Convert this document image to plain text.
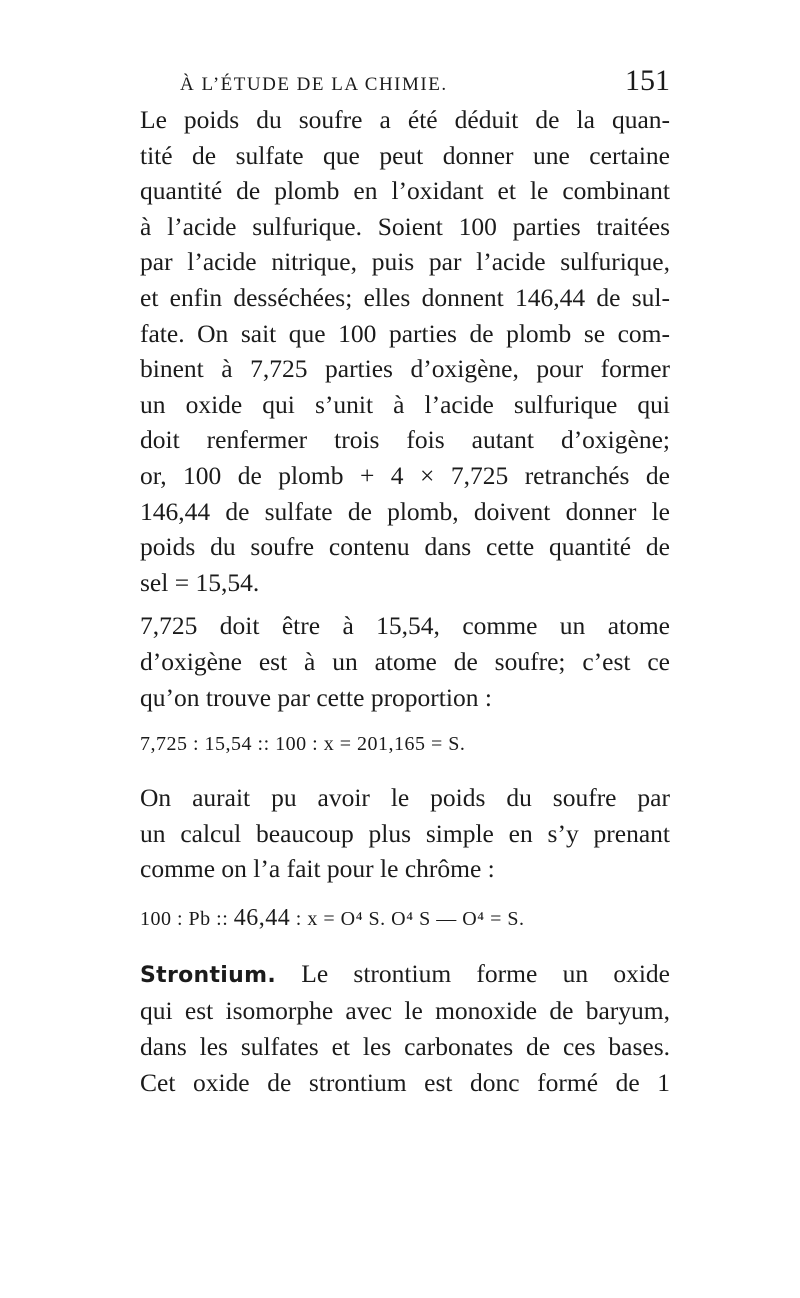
À L’ÉTUDE DE LA CHIMIE.	151

Le poids du soufre a été déduit de la quan-
tité de sulfate que peut donner une certaine
quantité de plomb en l’oxidant et le combinant
à l’acide sulfurique. Soient 100 parties traitées
par l’acide nitrique, puis par l’acide sulfurique,
et enfin desséchées; elles donnent 146,44 de sul-
fate. On sait que 100 parties de plomb se com-
binent à 7,725 parties d’oxigène, pour former
un oxide qui s’unit à l’acide sulfurique qui
doit renfermer trois fois autant d’oxigène;
or, 100 de plomb + 4 × 7,725 retranchés de
146,44 de sulfate de plomb, doivent donner le
poids du soufre contenu dans cette quantité de
sel = 15,54.

7,725 doit être à 15,54, comme un atome
d’oxigène est à un atome de soufre; c’est ce
qu’on trouve par cette proportion :

7,725 : 15,54 :: 100 : x = 201,165 = S.

On aurait pu avoir le poids du soufre par
un calcul beaucoup plus simple en s’y prenant
comme on l’a fait pour le chrôme :

100 : Pb :: 46,44 : x = O⁴ S. O⁴ S — O⁴ = S.

Strontium. Le strontium forme un oxide
qui est isomorphe avec le monoxide de baryum,
dans les sulfates et les carbonates de ces bases.
Cet oxide de strontium est donc formé de 1
